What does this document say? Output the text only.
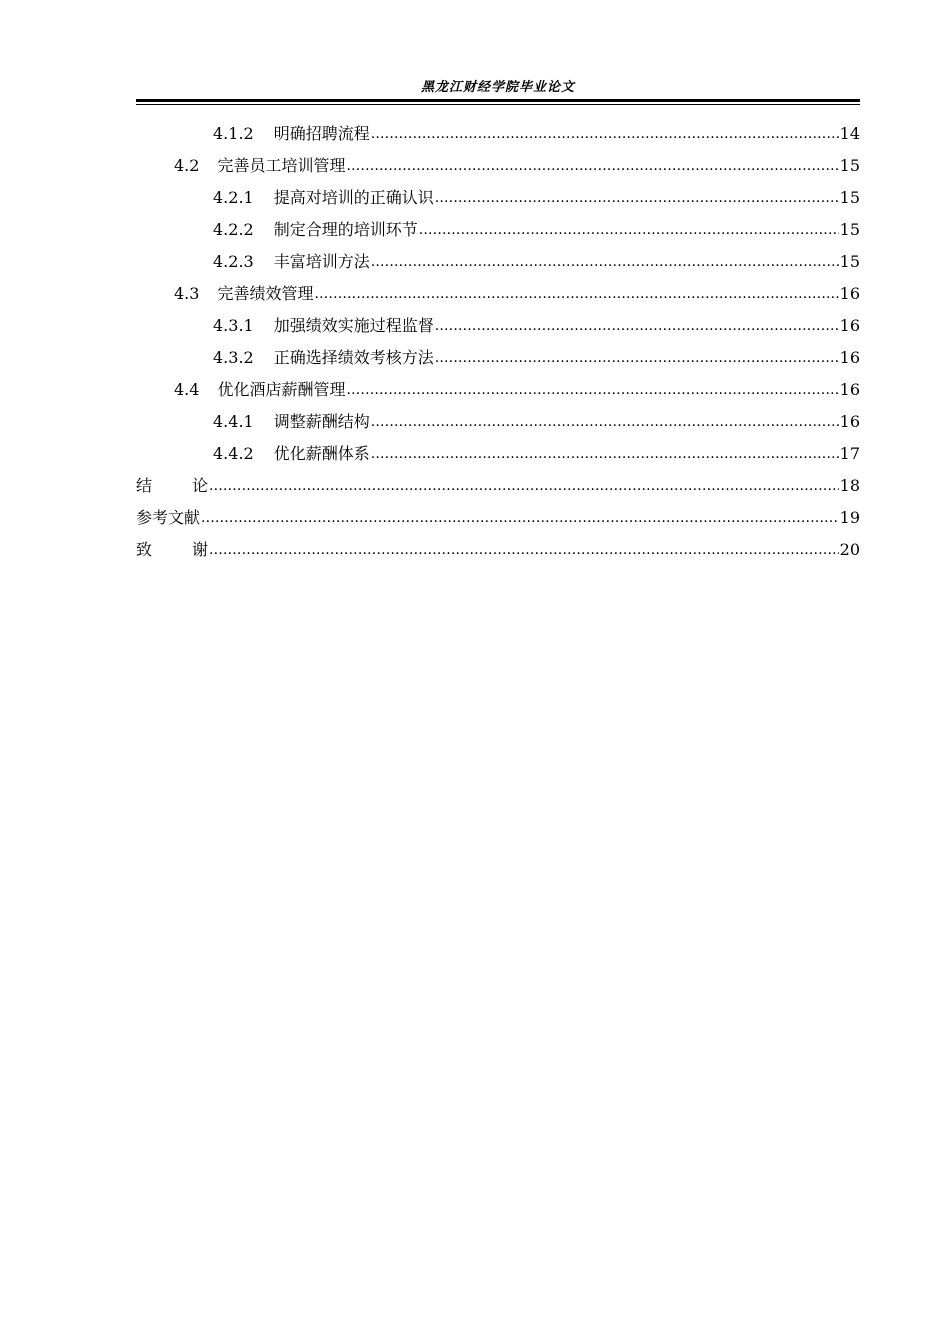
黑龙江财经学院毕业论文
4.1.2 明确招聘流程 .....	14
4.2 完善员工培训管理 .....	15
4.2.1 提高对培训的正确认识 .....	15
4.2.2 制定合理的培训环节 .....	15
4.2.3 丰富培训方法 .....	15
4.3 完善绩效管理 .....	16
4.3.1 加强绩效实施过程监督 .....	16
4.3.2 正确选择绩效考核方法 .....	16
4.4 优化酒店薪酬管理 .....	16
4.4.1 调整薪酬结构 .....	16
4.4.2 优化薪酬体系 .....	17
结	论 .....	18
参考文献 .....	19
致	谢 .....	20
